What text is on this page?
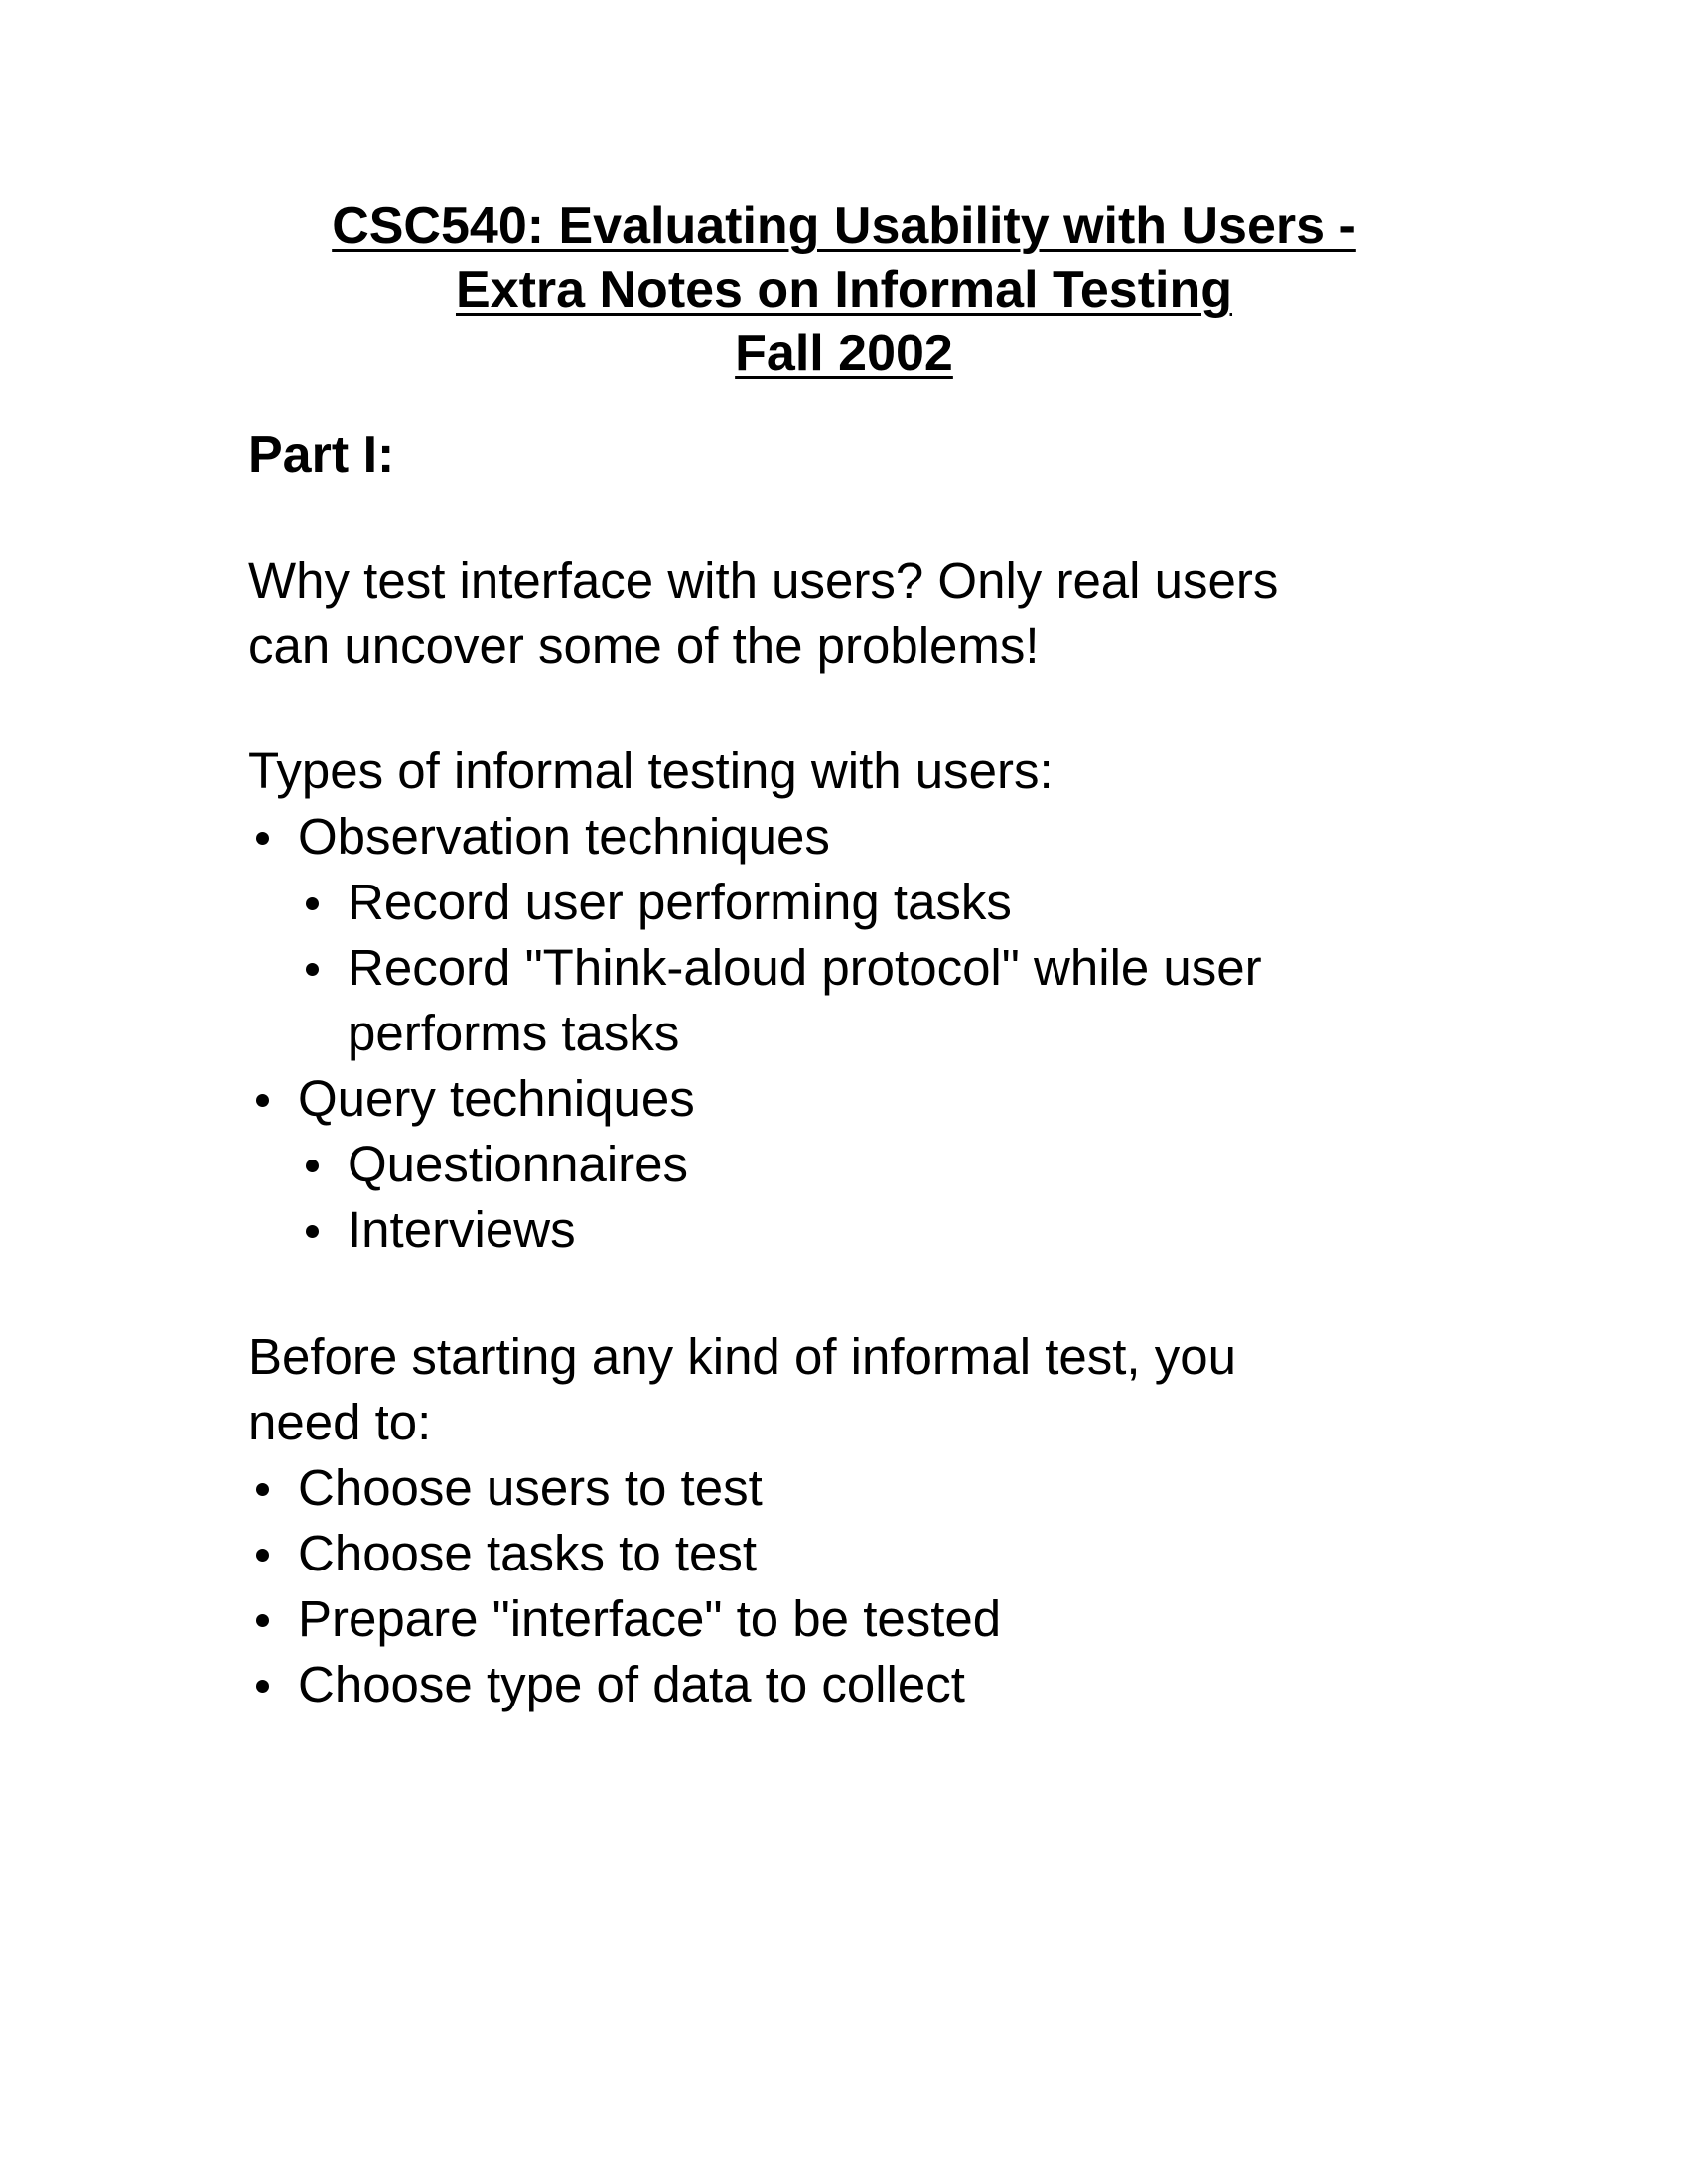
CSC540: Evaluating Usability with Users -
Extra Notes on Informal Testing
Fall 2002
Part I:
Why test interface with users? Only real users
can uncover some of the problems!
Types of informal testing with users:
Observation techniques
Record user performing tasks
Record "Think-aloud protocol" while user
performs tasks
Query techniques
Questionnaires
Interviews
Before starting any kind of informal test, you
need to:
Choose users to test
Choose tasks to test
Prepare "interface" to be tested
Choose type of data to collect
